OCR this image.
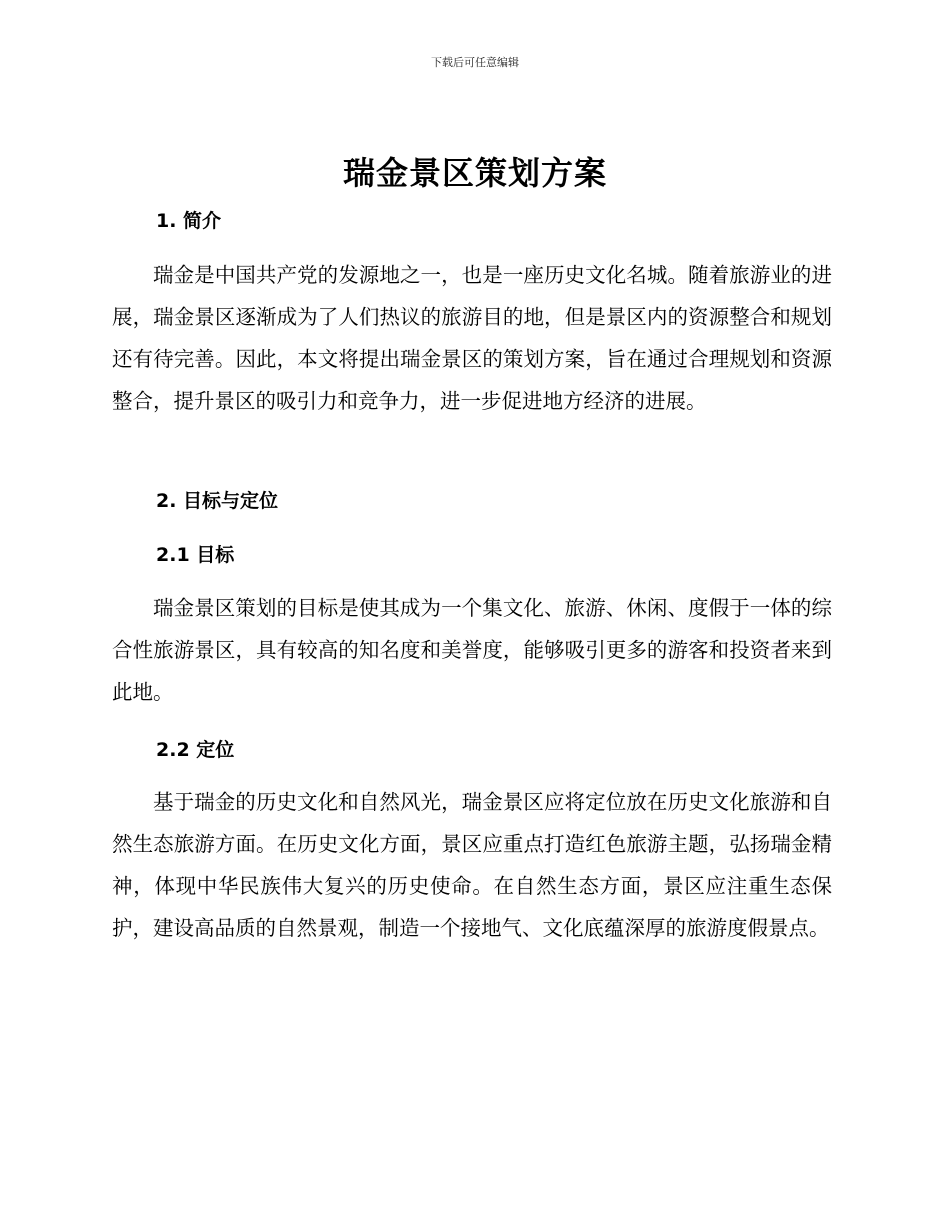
下载后可任意编辑
瑞金景区策划方案
1. 简介

瑞金是中国共产党的发源地之一，也是一座历史文化名城。随着旅游业的进展，瑞金景区逐渐成为了人们热议的旅游目的地，但是景区内的资源整合和规划还有待完善。因此，本文将提出瑞金景区的策划方案，旨在通过合理规划和资源整合，提升景区的吸引力和竞争力，进一步促进地方经济的进展。

2. 目标与定位
2.1 目标

瑞金景区策划的目标是使其成为一个集文化、旅游、休闲、度假于一体的综合性旅游景区，具有较高的知名度和美誉度，能够吸引更多的游客和投资者来到此地。

2.2 定位

基于瑞金的历史文化和自然风光，瑞金景区应将定位放在历史文化旅游和自然生态旅游方面。在历史文化方面，景区应重点打造红色旅游主题，弘扬瑞金精神，体现中华民族伟大复兴的历史使命。在自然生态方面，景区应注重生态保护，建设高品质的自然景观，制造一个接地气、文化底蕴深厚的旅游度假景点。
